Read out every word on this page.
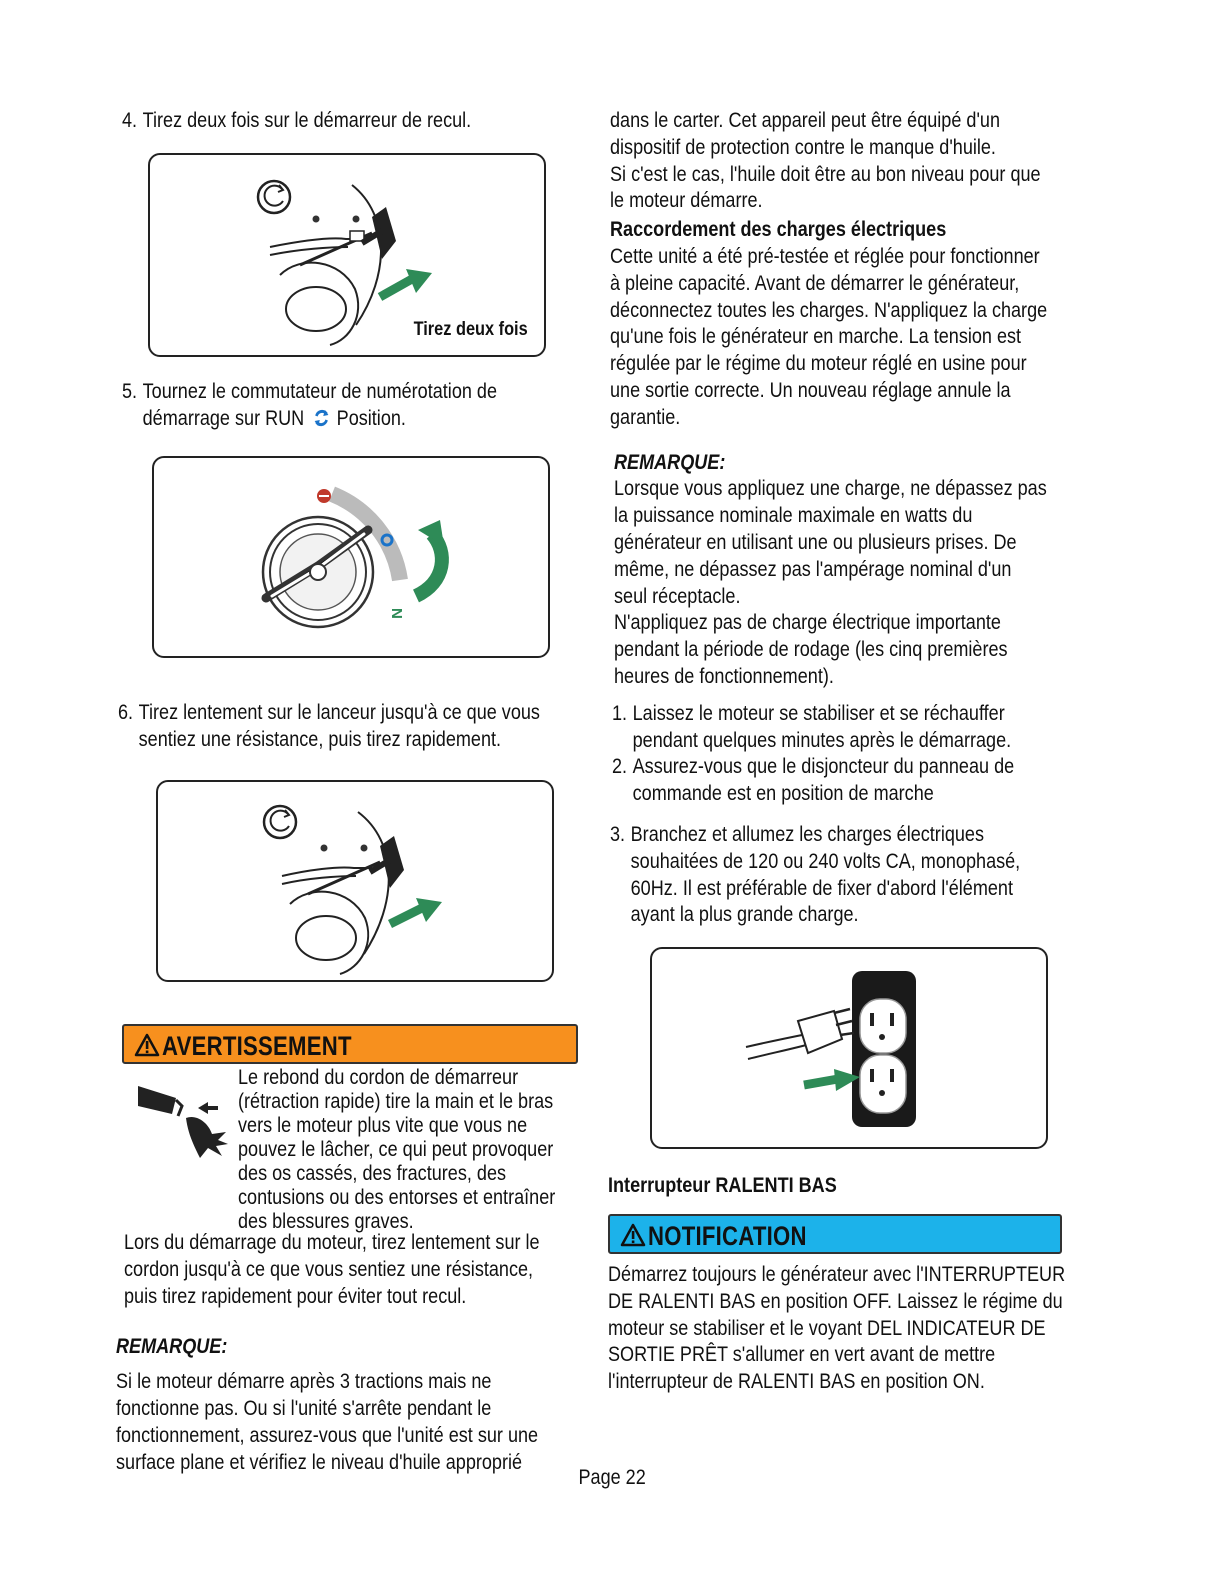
4. Tirez deux fois sur le démarreur de recul.
Tirez deux fois
5. Tournez le commutateur de numérotation de
démarrage sur RUN Position.
N
6. Tirez lentement sur le lanceur jusqu'à ce que vous
sentiez une résistance, puis tirez rapidement.
AVERTISSEMENT
Le rebond du cordon de démarreur
(rétraction rapide) tire la main et le bras
vers le moteur plus vite que vous ne
pouvez le lâcher, ce qui peut provoquer
des os cassés, des fractures, des
contusions ou des entorses et entraîner
des blessures graves.
Lors du démarrage du moteur, tirez lentement sur le
cordon jusqu'à ce que vous sentiez une résistance,
puis tirez rapidement pour éviter tout recul.
REMARQUE:
Si le moteur démarre après 3 tractions mais ne
fonctionne pas. Ou si l'unité s'arrête pendant le
fonctionnement, assurez-vous que l'unité est sur une
surface plane et vérifiez le niveau d'huile approprié
dans le carter. Cet appareil peut être équipé d'un
dispositif de protection contre le manque d'huile.
Si c'est le cas, l'huile doit être au bon niveau pour que
le moteur démarre.
Raccordement des charges électriques
Cette unité a été pré-testée et réglée pour fonctionner
à pleine capacité. Avant de démarrer le générateur,
déconnectez toutes les charges. N'appliquez la charge
qu'une fois le générateur en marche. La tension est
régulée par le régime du moteur réglé en usine pour
une sortie correcte. Un nouveau réglage annule la
garantie.
REMARQUE:
Lorsque vous appliquez une charge, ne dépassez pas
la puissance nominale maximale en watts du
générateur en utilisant une ou plusieurs prises. De
même, ne dépassez pas l'ampérage nominal d'un
seul réceptacle.
N'appliquez pas de charge électrique importante
pendant la période de rodage (les cinq premières
heures de fonctionnement).
1. Laissez le moteur se stabiliser et se réchauffer
pendant quelques minutes après le démarrage.
2. Assurez-vous que le disjoncteur du panneau de
commande est en position de marche
3. Branchez et allumez les charges électriques
souhaitées de 120 ou 240 volts CA, monophasé,
60Hz. Il est préférable de fixer d'abord l'élément
ayant la plus grande charge.
Interrupteur RALENTI BAS
NOTIFICATION
Démarrez toujours le générateur avec l'INTERRUPTEUR
DE RALENTI BAS en position OFF. Laissez le régime du
moteur se stabiliser et le voyant DEL INDICATEUR DE
SORTIE PRÊT s'allumer en vert avant de mettre
l'interrupteur de RALENTI BAS en position ON.
Page 22
